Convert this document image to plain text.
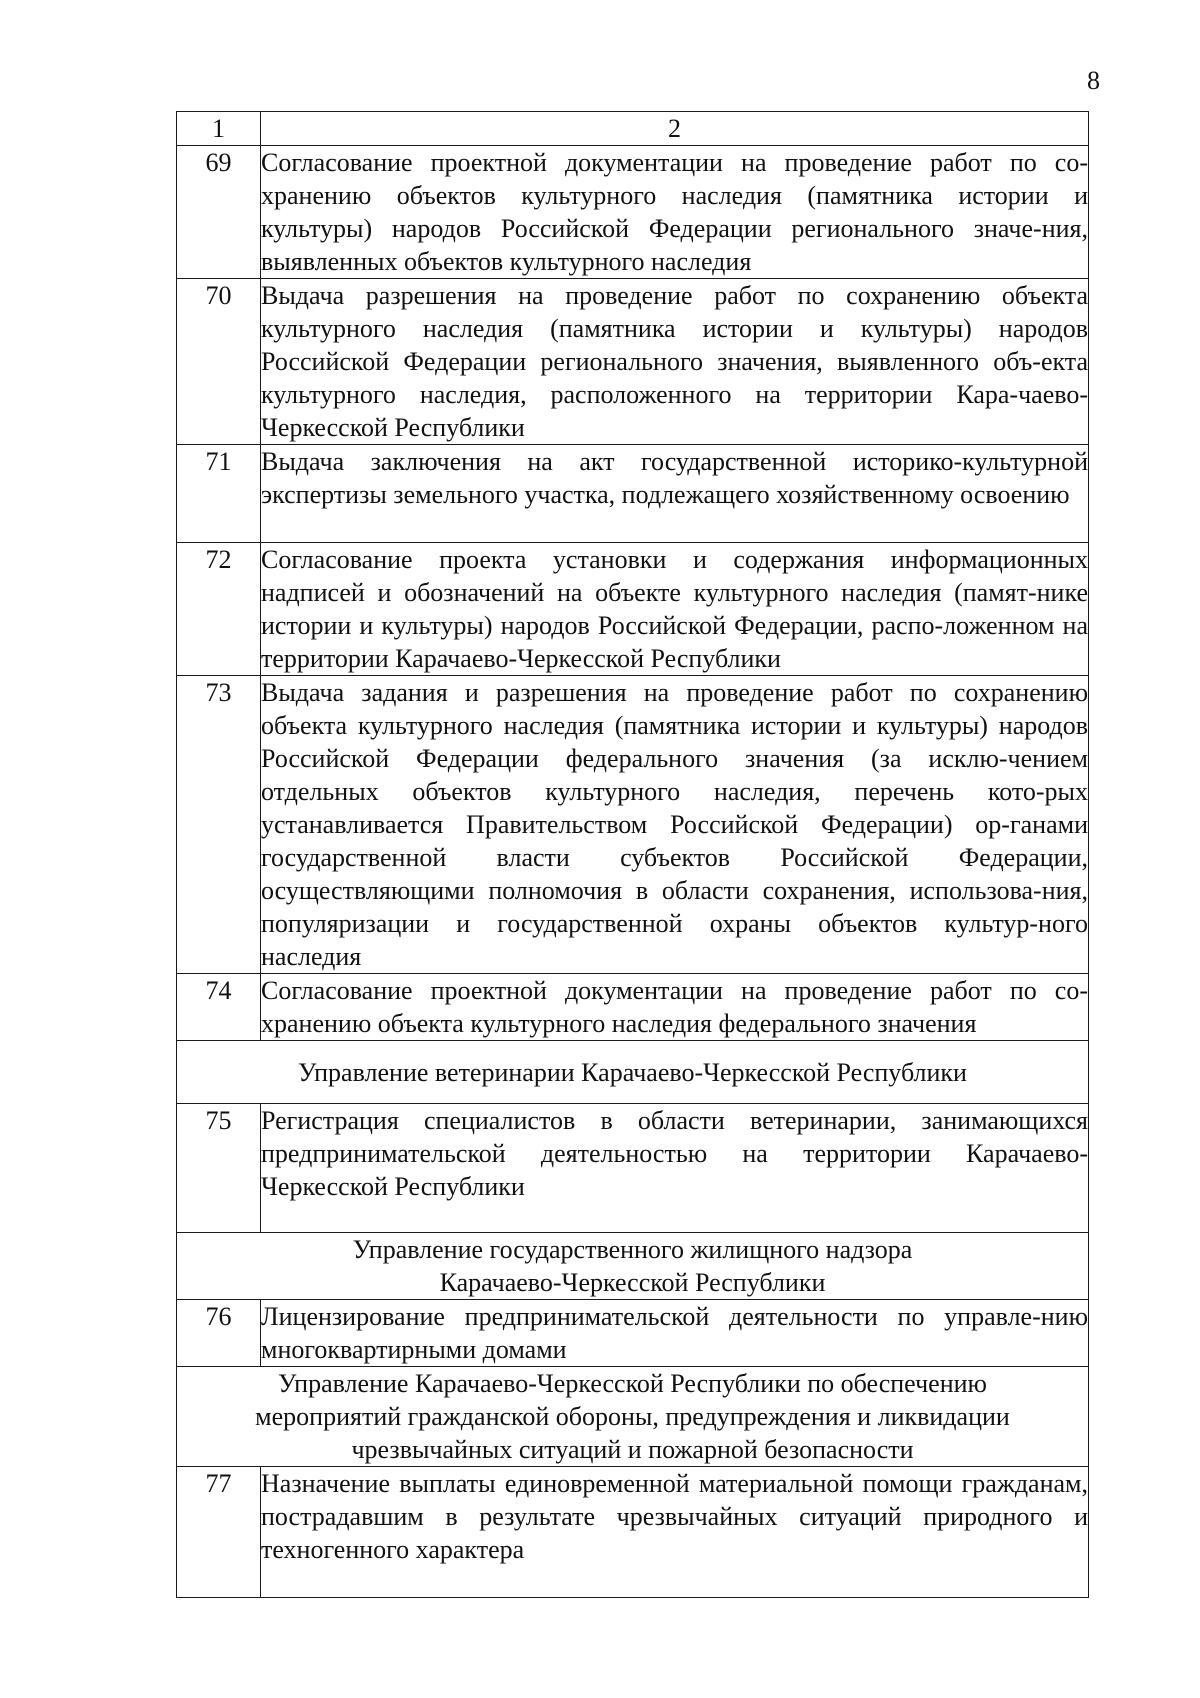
8
1	2
69	Согласование проектной документации на проведение работ по со-хранению объектов культурного наследия (памятника истории и культуры) народов Российской Федерации регионального значе-ния, выявленных объектов культурного наследия
70	Выдача разрешения на проведение работ по сохранению объекта культурного наследия (памятника истории и культуры) народов Российской Федерации регионального значения, выявленного объ-екта культурного наследия, расположенного на территории Кара-чаево-Черкесской Республики
71	Выдача заключения на акт государственной историко-культурной экспертизы земельного участка, подлежащего хозяйственному освоению
72	Согласование проекта установки и содержания информационных надписей и обозначений на объекте культурного наследия (памят-нике истории и культуры) народов Российской Федерации, распо-ложенном на территории Карачаево-Черкесской Республики
73	Выдача задания и разрешения на проведение работ по сохранению объекта культурного наследия (памятника истории и культуры) народов Российской Федерации федерального значения (за исклю-чением отдельных объектов культурного наследия, перечень кото-рых устанавливается Правительством Российской Федерации) ор-ганами государственной власти субъектов Российской Федерации, осуществляющими полномочия в области сохранения, использова-ния, популяризации и государственной охраны объектов культур-ного наследия
74	Согласование проектной документации на проведение работ по со-хранению объекта культурного наследия федерального значения
Управление ветеринарии Карачаево-Черкесской Республики	
75	Регистрация специалистов в области ветеринарии, занимающихся предпринимательской деятельностью на территории Карачаево-Черкесской Республики

Управление государственного жилищного надзора
Карачаево-Черкесской Республики	

76	Лицензирование предпринимательской деятельности по управле-нию многоквартирными домами

Управление Карачаево-Черкесской Республики по обеспечению
мероприятий гражданской обороны, предупреждения и ликвидации
чрезвычайных ситуаций и пожарной безопасности	

77	Назначение выплаты единовременной материальной помощи гражданам, пострадавшим в результате чрезвычайных ситуаций природного и техногенного характера
